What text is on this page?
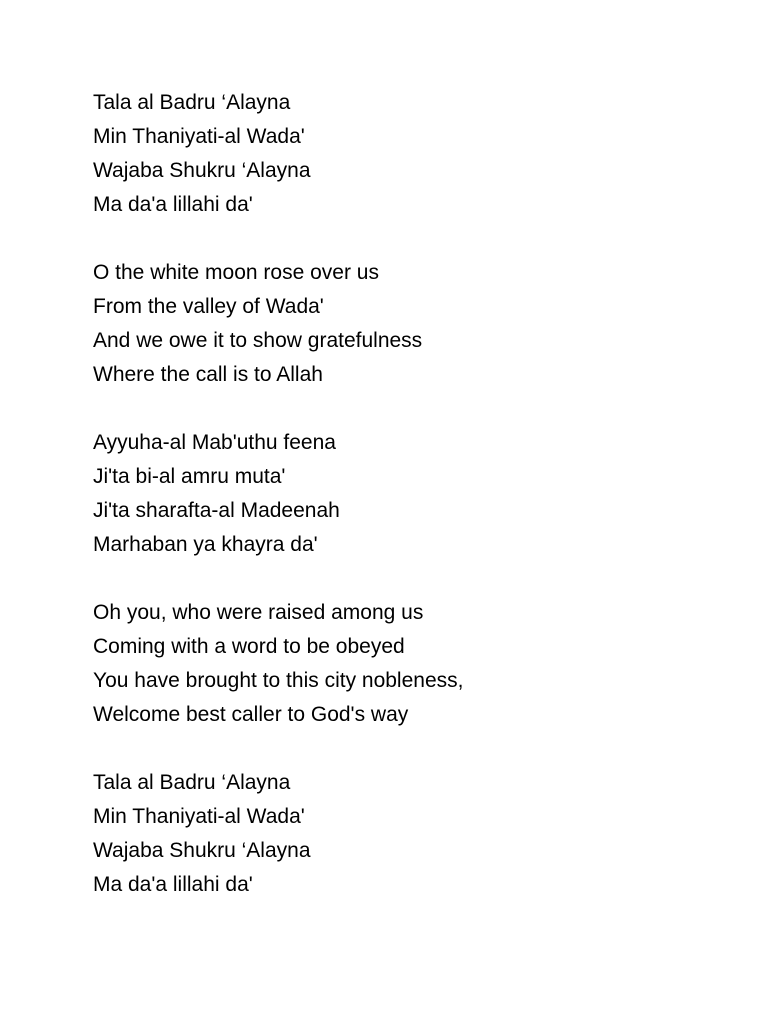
Tala al Badru ‘Alayna
Min Thaniyati-al Wada'
Wajaba Shukru ‘Alayna
Ma da'a lillahi da'
O the white moon rose over us
From the valley of Wada'
And we owe it to show gratefulness
Where the call is to Allah
Ayyuha-al Mab'uthu feena
Ji'ta bi-al amru muta'
Ji'ta sharafta-al Madeenah
Marhaban ya khayra da'
Oh you, who were raised among us
Coming with a word to be obeyed
You have brought to this city nobleness,
Welcome best caller to God's way
Tala al Badru ‘Alayna
Min Thaniyati-al Wada'
Wajaba Shukru ‘Alayna
Ma da'a lillahi da'
